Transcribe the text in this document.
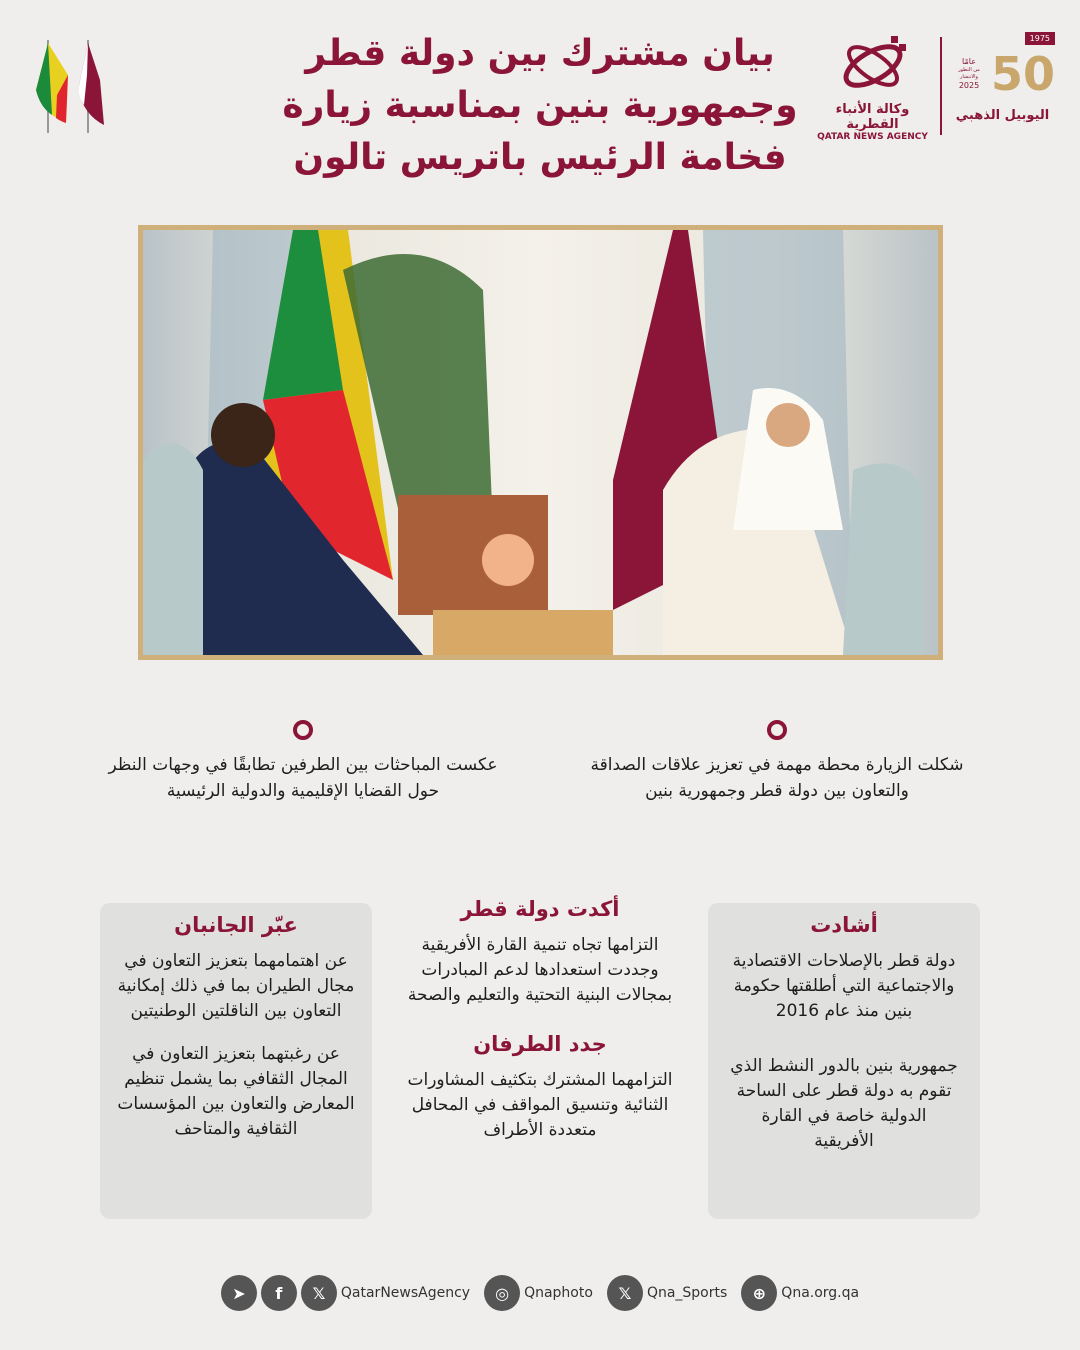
بيان مشترك بين دولة قطر
وجمهورية بنين بمناسبة زيارة
فخامة الرئيس باتريس تالون
وكالة الأنباء القطرية
QATAR NEWS AGENCY
1975
عامًا
من التطور والانتشار
2025 50
اليوبيل الذهبي
شكلت الزيارة محطة مهمة في تعزيز علاقات الصداقة والتعاون بين دولة قطر وجمهورية بنين
عكست المباحثات بين الطرفين تطابقًا في وجهات النظر حول القضايا الإقليمية والدولية الرئيسية
أشادت
دولة قطر بالإصلاحات الاقتصادية والاجتماعية التي أطلقتها حكومة بنين منذ عام 2016
جمهورية بنين بالدور النشط الذي تقوم به دولة قطر على الساحة الدولية خاصة في القارة الأفريقية
أكدت دولة قطر
التزامها تجاه تنمية القارة الأفريقية وجددت استعدادها لدعم المبادرات بمجالات البنية التحتية والتعليم والصحة
جدد الطرفان
التزامهما المشترك بتكثيف المشاورات الثنائية وتنسيق المواقف في المحافل متعددة الأطراف
عبّر الجانبان
عن اهتمامهما بتعزيز التعاون في مجال الطيران بما في ذلك إمكانية التعاون بين الناقلتين الوطنيتين
عن رغبتهما بتعزيز التعاون في المجال الثقافي بما يشمل تنظيم المعارض والتعاون بين المؤسسات الثقافية والمتاحف
➤	f	𝕏	QatarNewsAgency	◎	Qnaphoto	𝕏	Qna_Sports	⊕	Qna.org.qa
